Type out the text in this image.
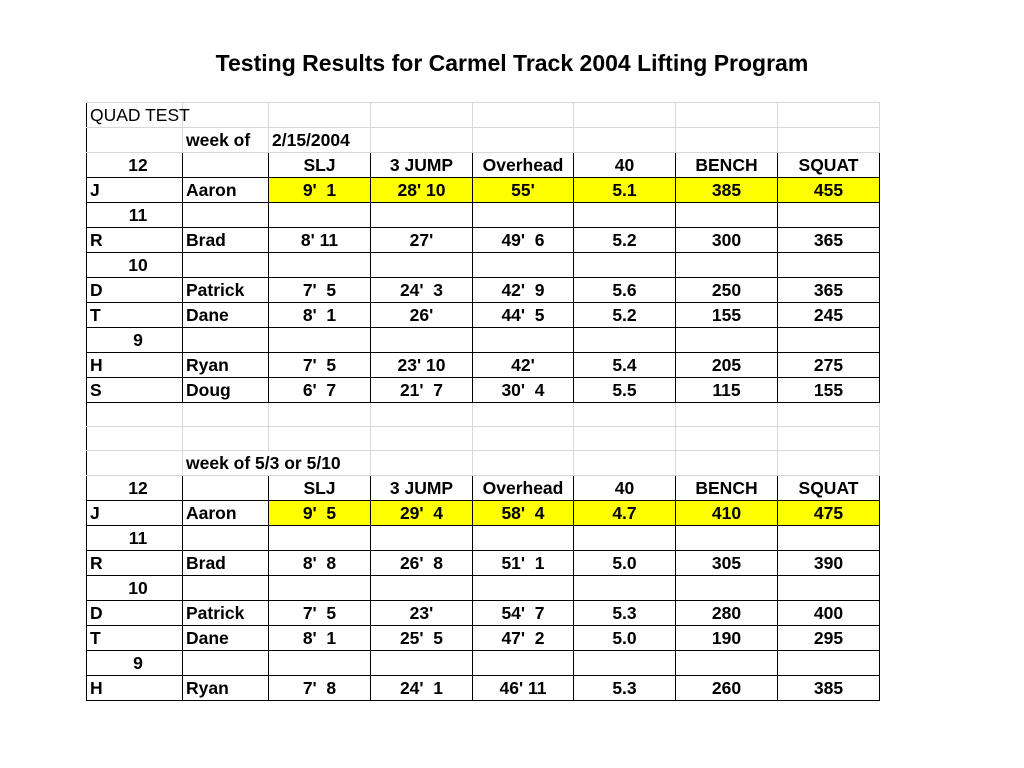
Testing Results for Carmel Track 2004 Lifting Program
QUAD TEST							
	week of	2/15/2004					
12		SLJ	3 JUMP	Overhead	40	BENCH	SQUAT
J	Aaron	9'  1	28' 10	55'	5.1	385	455
11							
R	Brad	8' 11	27'	49'  6	5.2	300	365
10							
D	Patrick	7'  5	24'  3	42'  9	5.6	250	365
T	Dane	8'  1	26'	44'  5	5.2	155	245
9							
H	Ryan	7'  5	23' 10	42'	5.4	205	275
S	Doug	6'  7	21'  7	30'  4	5.5	115	155

	week of 5/3 or 5/10						
12		SLJ	3 JUMP	Overhead	40	BENCH	SQUAT
J	Aaron	9'  5	29'  4	58'  4	4.7	410	475
11							
R	Brad	8'  8	26'  8	51'  1	5.0	305	390
10							
D	Patrick	7'  5	23'	54'  7	5.3	280	400
T	Dane	8'  1	25'  5	47'  2	5.0	190	295
9							
H	Ryan	7'  8	24'  1	46' 11	5.3	260	385
